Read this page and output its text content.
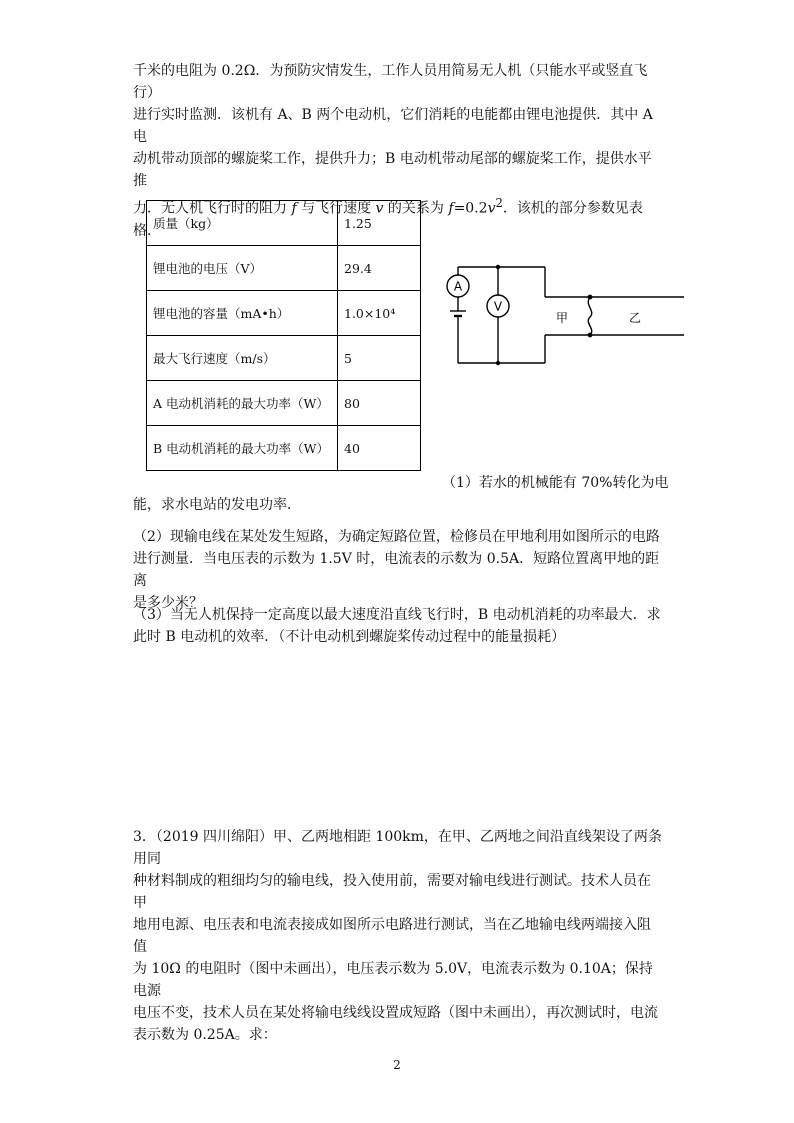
千米的电阻为 0.2Ω．为预防灾情发生，工作人员用简易无人机（只能水平或竖直飞行）
进行实时监测．该机有 A、B 两个电动机，它们消耗的电能都由锂电池提供．其中 A 电
动机带动顶部的螺旋桨工作，提供升力；B 电动机带动尾部的螺旋桨工作，提供水平推
力．无人机飞行时的阻力 f 与飞行速度 v 的关系为 $f=0.2v^2$．该机的部分参数见表
格．
质量（kg）	1.25
锂电池的电压（V）	29.4
锂电池的容量（mA•h）	1.0×10⁴
最大飞行速度（m/s）	5
A 电动机消耗的最大功率（W）	80
B 电动机消耗的最大功率（W）	40
A
V
甲	乙
（1）若水的机械能有 70%转化为电
能，求水电站的发电功率．
（2）现输电线在某处发生短路，为确定短路位置，检修员在甲地利用如图所示的电路
进行测量．当电压表的示数为 1.5V 时，电流表的示数为 0.5A．短路位置离甲地的距离
是多少米？
（3）当无人机保持一定高度以最大速度沿直线飞行时，B 电动机消耗的功率最大．求
此时 B 电动机的效率．（不计电动机到螺旋桨传动过程中的能量损耗）
3．（2019 四川绵阳）甲、乙两地相距 100km，在甲、乙两地之间沿直线架设了两条用同
种材料制成的粗细均匀的输电线，投入使用前，需要对输电线进行测试。技术人员在甲
地用电源、电压表和电流表接成如图所示电路进行测试，当在乙地输电线两端接入阻值
为 10Ω 的电阻时（图中未画出），电压表示数为 5.0V，电流表示数为 0.10A；保持电源
电压不变，技术人员在某处将输电线线设置成短路（图中未画出），再次测试时，电流
表示数为 0.25A。求：
2
